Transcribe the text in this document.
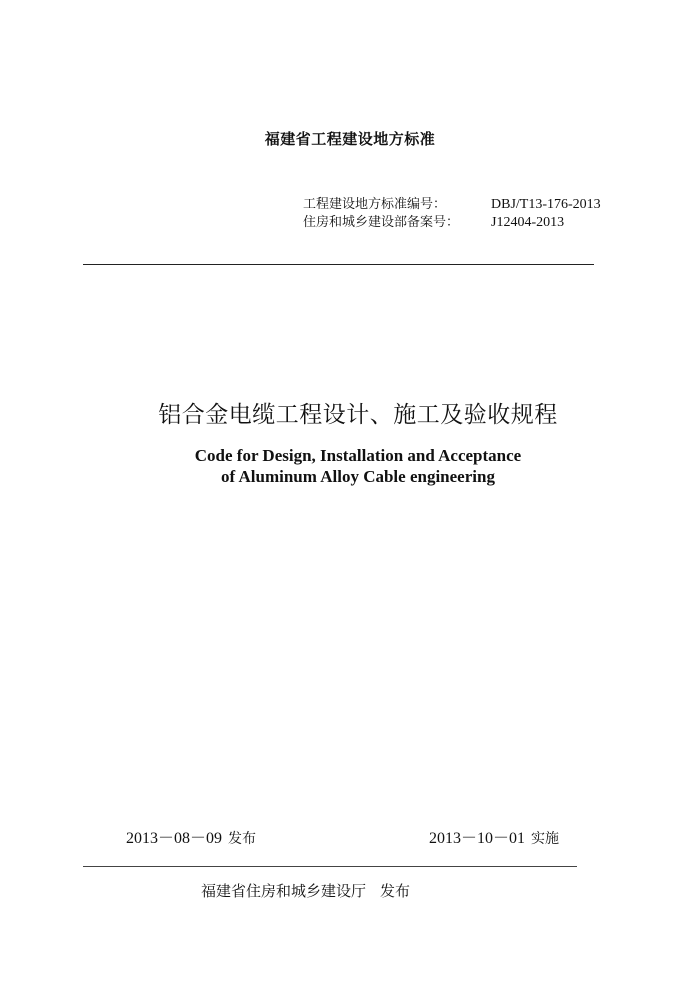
福建省工程建设地方标准
工程建设地方标准编号：	DBJ/T13-176-2013
住房和城乡建设部备案号：	J12404-2013
铝合金电缆工程设计、施工及验收规程
Code for Design, Installation and Acceptance
of Aluminum Alloy Cable engineering
2013－08－09 发布	2013－10－01 实施
福建省住房和城乡建设厅 发布
